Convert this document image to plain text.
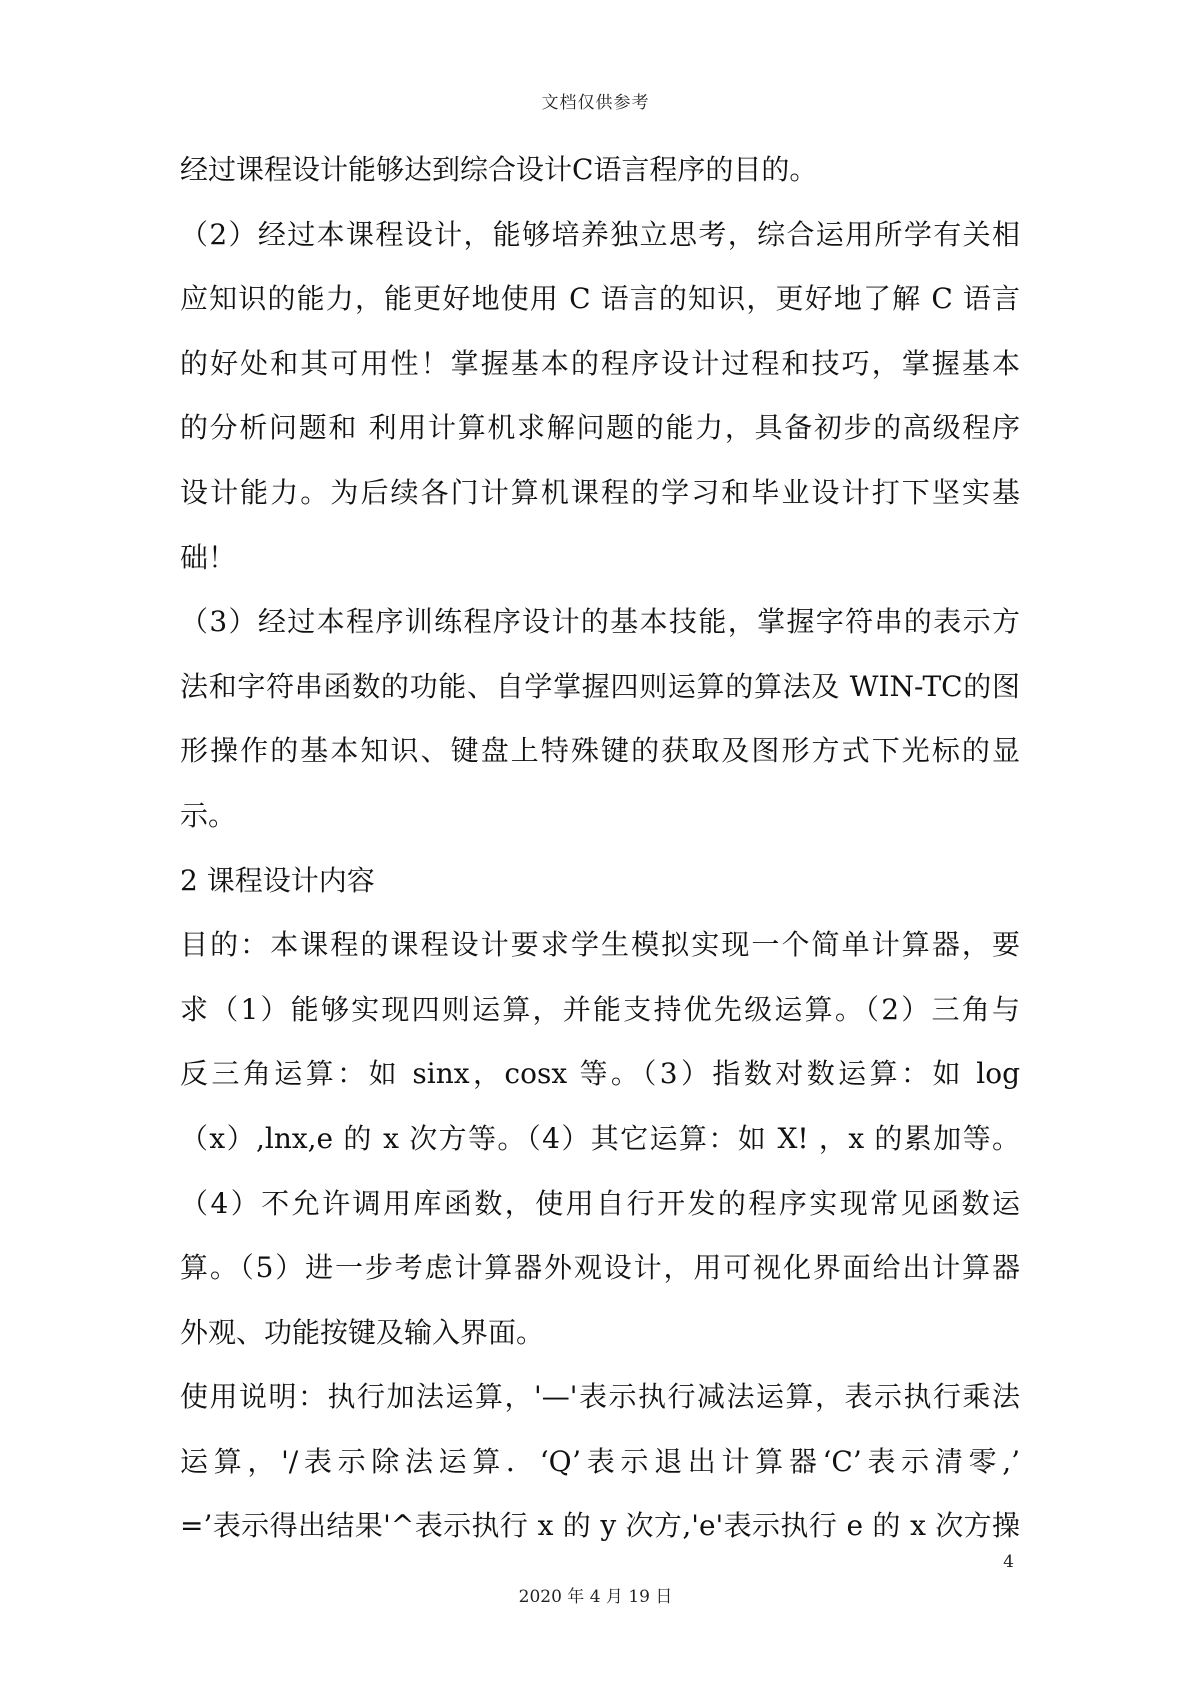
文档仅供参考
经过课程设计能够达到综合设计C语言程序的目的。
（2）经过本课程设计，能够培养独立思考，综合运用所学有关相
应知识的能力，能更好地使用 C 语言的知识，更好地了解 C 语言
的好处和其可用性！掌握基本的程序设计过程和技巧，掌握基本
的分析问题和 利用计算机求解问题的能力，具备初步的高级程序
设计能力。为后续各门计算机课程的学习和毕业设计打下坚实基
础！
（3）经过本程序训练程序设计的基本技能，掌握字符串的表示方
法和字符串函数的功能、自学掌握四则运算的算法及 WIN-TC的图
形操作的基本知识、键盘上特殊键的获取及图形方式下光标的显
示。
2 课程设计内容
目的：本课程的课程设计要求学生模拟实现一个简单计算器，要
求（1）能够实现四则运算，并能支持优先级运算。（2）三角与
反三角运算：如 sinx，cosx 等。（3）指数对数运算：如 log
（x）,lnx,e 的 x 次方等。（4）其它运算：如 X! ，x 的累加等。
（4）不允许调用库函数，使用自行开发的程序实现常见函数运
算。（5）进一步考虑计算器外观设计，用可视化界面给出计算器
外观、功能按键及输入界面。
使用说明：执行加法运算，'—'表示执行减法运算，表示执行乘法
运算，'/表示除法运算．‘Q’表示退出计算器‘C’表示清零,’
=’表示得出结果'^表示执行 x 的 y 次方,'e'表示执行 e 的 x 次方操
4
2020 年 4 月 19 日
